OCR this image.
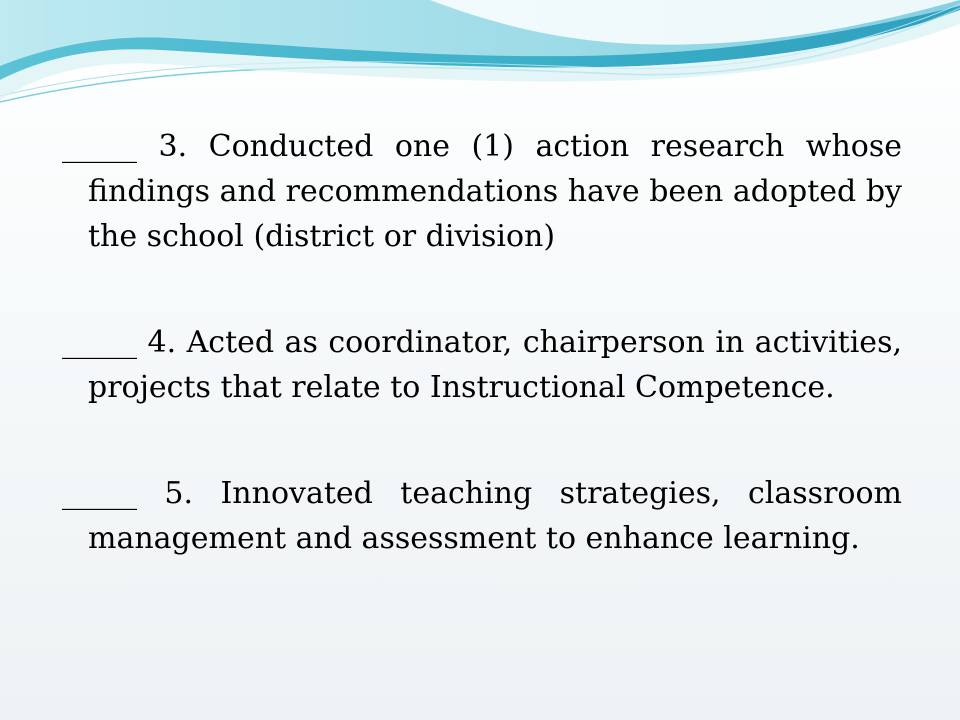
_____ 3. Conducted one (1) action research whose findings and recommendations have been adopted by the school (district or division)

_____ 4. Acted as coordinator, chairperson in activities, projects that relate to Instructional Competence.

_____ 5. Innovated teaching strategies, classroom management and assessment to enhance learning.
